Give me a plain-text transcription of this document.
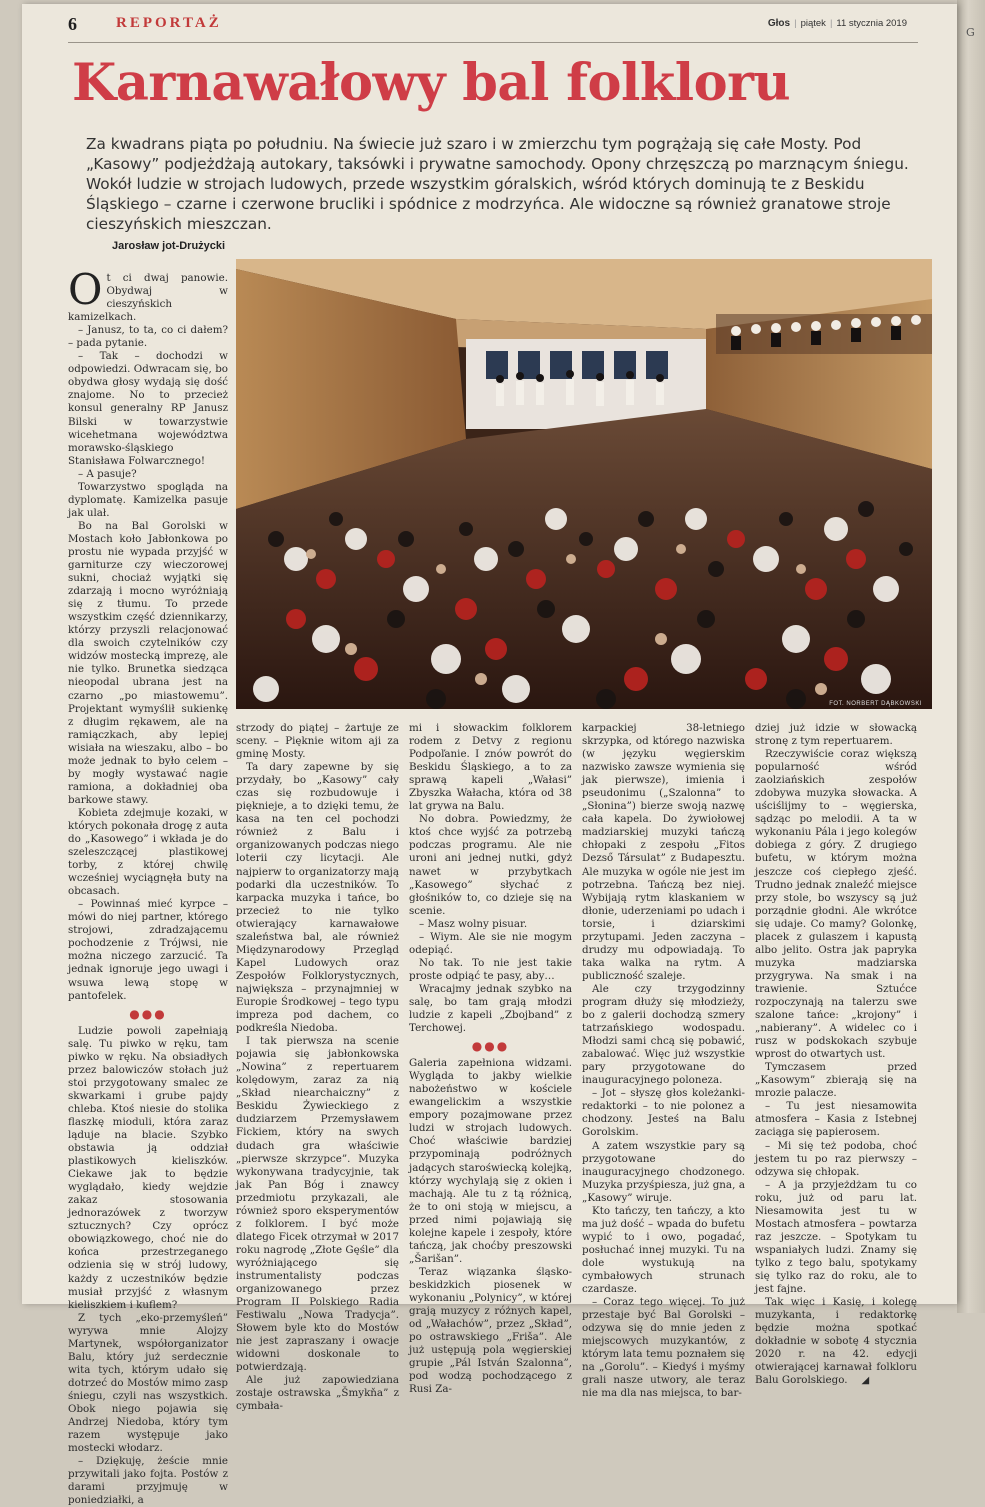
G
6	REPORTAŻ	Głos | piątek | 11 stycznia 2019
Karnawałowy bal folkloru
Za kwadrans piąta po południu. Na świecie już szaro i w zmierzchu tym pogrążają się całe Mosty. Pod „Kasowy” podjeżdżają autokary, taksówki i prywatne samochody. Opony chrzęszczą po marznącym śniegu. Wokół ludzie w strojach ludowych, przede wszystkim góralskich, wśród których dominują te z Beskidu Śląskiego – czarne i czerwone brucliki i spódnice z modrzyńca. Ale widoczne są również granatowe stroje cieszyńskich mieszczan.
Jarosław jot-Drużycki

Ot ci dwaj panowie. Obydwaj w cieszyńskich kamizelkach.

– Janusz, to ta, co ci dałem? – pada pytanie.

– Tak – dochodzi w odpowiedzi. Odwracam się, bo obydwa głosy wydają się dość znajome. No to przecież konsul generalny RP Janusz Bilski w towarzystwie wicehetmana województwa morawsko-śląskiego Stanisława Folwarcznego!

– A pasuje?

Towarzystwo spogląda na dyplomatę. Kamizelka pasuje jak ulał.

Bo na Bal Gorolski w Mostach koło Jabłonkowa po prostu nie wypada przyjść w garniturze czy wieczorowej sukni, chociaż wyjątki się zdarzają i mocno wyróżniają się z tłumu. To przede wszystkim część dziennikarzy, którzy przyszli relacjonować dla swoich czytelników czy widzów mostecką imprezę, ale nie tylko. Brunetka siedząca nieopodal ubrana jest na czarno „po miastowemu”. Projektant wymyślił sukienkę z długim rękawem, ale na ramiączkach, aby lepiej wisiała na wieszaku, albo – bo może jednak to było celem – by mogły wystawać nagie ramiona, a dokładniej oba barkowe stawy.

Kobieta zdejmuje kozaki, w których pokonała drogę z auta do „Kasowego” i wkłada je do szeleszczącej plastikowej torby, z której chwilę wcześniej wyciągnęła buty na obcasach.

– Powinnaś mieć kyrpce – mówi do niej partner, którego strojowi, zdradzającemu pochodzenie z Trójwsi, nie można niczego zarzucić. Ta jednak ignoruje jego uwagi i wsuwa lewą stopę w pantofelek.

●●●

Ludzie powoli zapełniają salę. Tu piwko w ręku, tam piwko w ręku. Na obsiadłych przez balowiczów stołach już stoi przygotowany smalec ze skwarkami i grube pajdy chleba. Ktoś niesie do stolika flaszkę mioduli, która zaraz ląduje na blacie. Szybko obstawia ją oddział plastikowych kieliszków. Ciekawe jak to będzie wyglądało, kiedy wejdzie zakaz stosowania jednorazówek z tworzyw sztucznych? Czy oprócz obowiązkowego, choć nie do końca przestrzeganego odzienia się w strój ludowy, każdy z uczestników będzie musiał przyjść z własnym kieliszkiem i kuflem?

Z tych „eko-przemyśleń” wyrywa mnie Alojzy Martynek, współorganizator Balu, który już serdecznie wita tych, którym udało się dotrzeć do Mostów mimo zasp śniegu, czyli nas wszystkich. Obok niego pojawia się Andrzej Niedoba, który tym razem występuje jako mostecki włodarz.

– Dziękuję, żeście mnie przywitali jako fojta. Postów z darami przyjmuję w poniedziałki, a

FOT. NORBERT DĄBKOWSKI

strzody do piątej – żartuje ze sceny. – Pięknie witom aji za gminę Mosty.

Ta dary zapewne by się przydały, bo „Kasowy” cały czas się rozbudowuje i pięknieje, a to dzięki temu, że kasa na ten cel pochodzi również z Balu i organizowanych podczas niego loterii czy licytacji. Ale najpierw to organizatorzy mają podarki dla uczestników. To karpacka muzyka i tańce, bo przecież to nie tylko otwierający karnawałowe szaleństwa bal, ale również Międzynarodowy Przegląd Kapel Ludowych oraz Zespołów Folklorystycznych, największa – przynajmniej w Europie Środkowej – tego typu impreza pod dachem, co podkreśla Niedoba.

I tak pierwsza na scenie pojawia się jabłonkowska „Nowina” z repertuarem kolędowym, zaraz za nią „Skład niearchaiczny” z Beskidu Żywieckiego z dudziarzem Przemysławem Fickiem, który na swych dudach gra właściwie „pierwsze skrzypce”. Muzyka wykonywana tradycyjnie, tak jak Pan Bóg i znawcy przedmiotu przykazali, ale również sporo eksperymentów z folklorem. I być może dlatego Ficek otrzymał w 2017 roku nagrodę „Złote Gęśle” dla wyróżniającego się instrumentalisty podczas organizowanego przez Program II Polskiego Radia Festiwalu „Nowa Tradycja”. Słowem byle kto do Mostów nie jest zapraszany i owacje widowni doskonale to potwierdzają.

Ale już zapowiedziana zostaje ostrawska „Šmykňa” z cymbała-

mi i słowackim folklorem rodem z Detvy z regionu Podpoľanie. I znów powrót do Beskidu Śląskiego, a to za sprawą kapeli „Wałasi” Zbyszka Wałacha, która od 38 lat grywa na Balu.

No dobra. Powiedzmy, że ktoś chce wyjść za potrzebą podczas programu. Ale nie uroni ani jednej nutki, gdyż nawet w przybytkach „Kasowego” słychać z głośników to, co dzieje się na scenie.

– Masz wolny pisuar.

– Wiym. Ale sie nie mogym odepiąć.

No tak. To nie jest takie proste odpiąć te pasy, aby…

Wracajmy jednak szybko na salę, bo tam grają młodzi ludzie z kapeli „Zbojband” z Terchowej.

●●●

Galeria zapełniona widzami. Wygląda to jakby wielkie nabożeństwo w kościele ewangelickim a wszystkie empory pozajmowane przez ludzi w strojach ludowych. Choć właściwie bardziej przypominają podróżnych jadących staroświecką kolejką, którzy wychylają się z okien i machają. Ale tu z tą różnicą, że to oni stoją w miejscu, a przed nimi pojawiają się kolejne kapele i zespoły, które tańczą, jak choćby preszowski „Šarišan”.

Teraz wiązanka śląsko-beskidzkich piosenek w wykonaniu „Polynicy”, w której grają muzycy z różnych kapel, od „Wałachów”, przez „Skład”, po ostrawskiego „Friša”. Ale już ustępują pola węgierskiej grupie „Pál István Szalonna”, pod wodzą pochodzącego z Rusi Za-

karpackiej 38-letniego skrzypka, od którego nazwiska (w języku węgierskim nazwisko zawsze wymienia się jak pierwsze), imienia i pseudonimu („Szalonna” to „Słonina”) bierze swoją nazwę cała kapela. Do żywiołowej madziarskiej muzyki tańczą chłopaki z zespołu „Fitos Dezső Társulat” z Budapesztu. Ale muzyka w ogóle nie jest im potrzebna. Tańczą bez niej. Wybijają rytm klaskaniem w dłonie, uderzeniami po udach i torsie, i dziarskimi przytupami. Jeden zaczyna – drudzy mu odpowiadają. To taka walka na rytm. A publiczność szaleje.

Ale czy trzygodzinny program dłuży się młodzieży, bo z galerii dochodzą szmery tatrzańskiego wodospadu. Młodzi sami chcą się pobawić, zabalować. Więc już wszystkie pary przygotowane do inauguracyjnego poloneza.

– Jot – słyszę głos koleżanki-redaktorki – to nie polonez a chodzony. Jesteś na Balu Gorolskim.

A zatem wszystkie pary są przygotowane do inauguracyjnego chodzonego. Muzyka przyśpiesza, już gna, a „Kasowy” wiruje.

Kto tańczy, ten tańczy, a kto ma już dość – wpada do bufetu wypić to i owo, pogadać, posłuchać innej muzyki. Tu na dole wystukują na cymbałowych strunach czardasze.

– Coraz tego więcej. To już przestaje być Bal Gorolski – odzywa się do mnie jeden z miejscowych muzykantów, z którym lata temu poznałem się na „Gorolu”. – Kiedyś i myśmy grali nasze utwory, ale teraz nie ma dla nas miejsca, to bar-

dziej już idzie w słowacką stronę z tym repertuarem.

Rzeczywiście coraz większą popularność wśród zaolziańskich zespołów zdobywa muzyka słowacka. A uściślijmy to – węgierska, sądząc po melodii. A ta w wykonaniu Pála i jego kolegów dobiega z góry. Z drugiego bufetu, w którym można jeszcze coś ciepłego zjeść. Trudno jednak znaleźć miejsce przy stole, bo wszyscy są już porządnie głodni. Ale wkrótce się udaje. Co mamy? Golonkę, placek z gulaszem i kapustą albo jelito. Ostra jak papryka muzyka madziarska przygrywa. Na smak i na trawienie. Sztućce rozpoczynają na talerzu swe szalone tańce: „krojony” i „nabierany”. A widelec co i rusz w podskokach szybuje wprost do otwartych ust.

Tymczasem przed „Kasowym” zbierają się na mrozie palacze.

– Tu jest niesamowita atmosfera – Kasia z Istebnej zaciąga się papierosem.

– Mi się też podoba, choć jestem tu po raz pierwszy – odzywa się chłopak.

– A ja przyjeżdżam tu co roku, już od paru lat. Niesamowita jest tu w Mostach atmosfera – powtarza raz jeszcze. – Spotykam tu wspaniałych ludzi. Znamy się tylko z tego balu, spotykamy się tylko raz do roku, ale to jest fajne.

Tak więc i Kasię, i kolegę muzykanta, i redaktorkę będzie można spotkać dokładnie w sobotę 4 stycznia 2020 r. na 42. edycji otwierającej karnawał folkloru Balu Gorolskiego. ◢
